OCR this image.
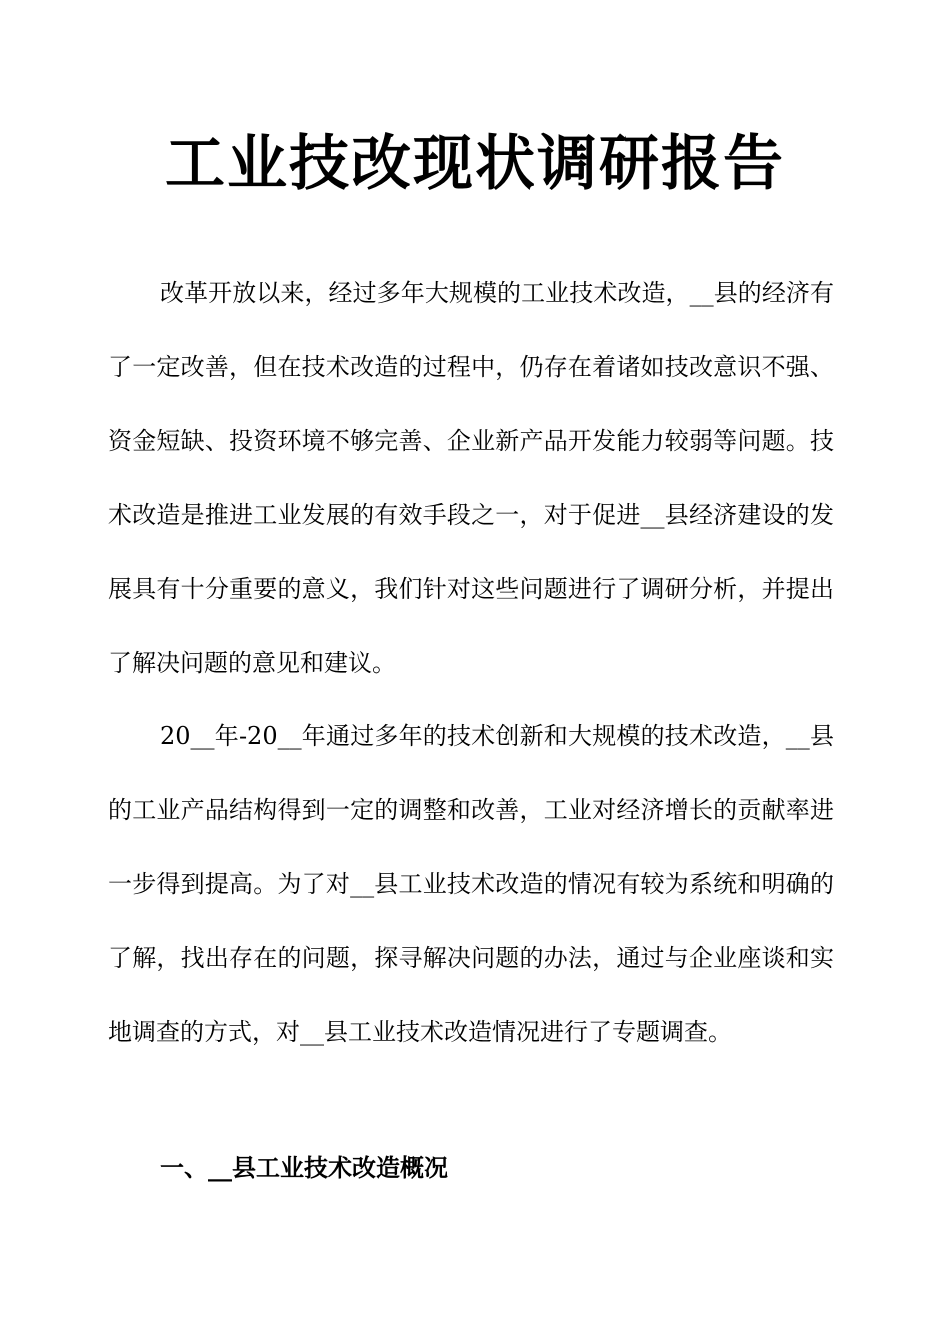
工业技改现状调研报告

改革开放以来，经过多年大规模的工业技术改造，__县的经济有了一定改善，但在技术改造的过程中，仍存在着诸如技改意识不强、资金短缺、投资环境不够完善、企业新产品开发能力较弱等问题。技术改造是推进工业发展的有效手段之一，对于促进__县经济建设的发展具有十分重要的意义，我们针对这些问题进行了调研分析，并提出了解决问题的意见和建议。

20__年-20__年通过多年的技术创新和大规模的技术改造，__县的工业产品结构得到一定的调整和改善，工业对经济增长的贡献率进一步得到提高。为了对__县工业技术改造的情况有较为系统和明确的了解，找出存在的问题，探寻解决问题的办法，通过与企业座谈和实地调查的方式，对__县工业技术改造情况进行了专题调查。

一、__县工业技术改造概况
